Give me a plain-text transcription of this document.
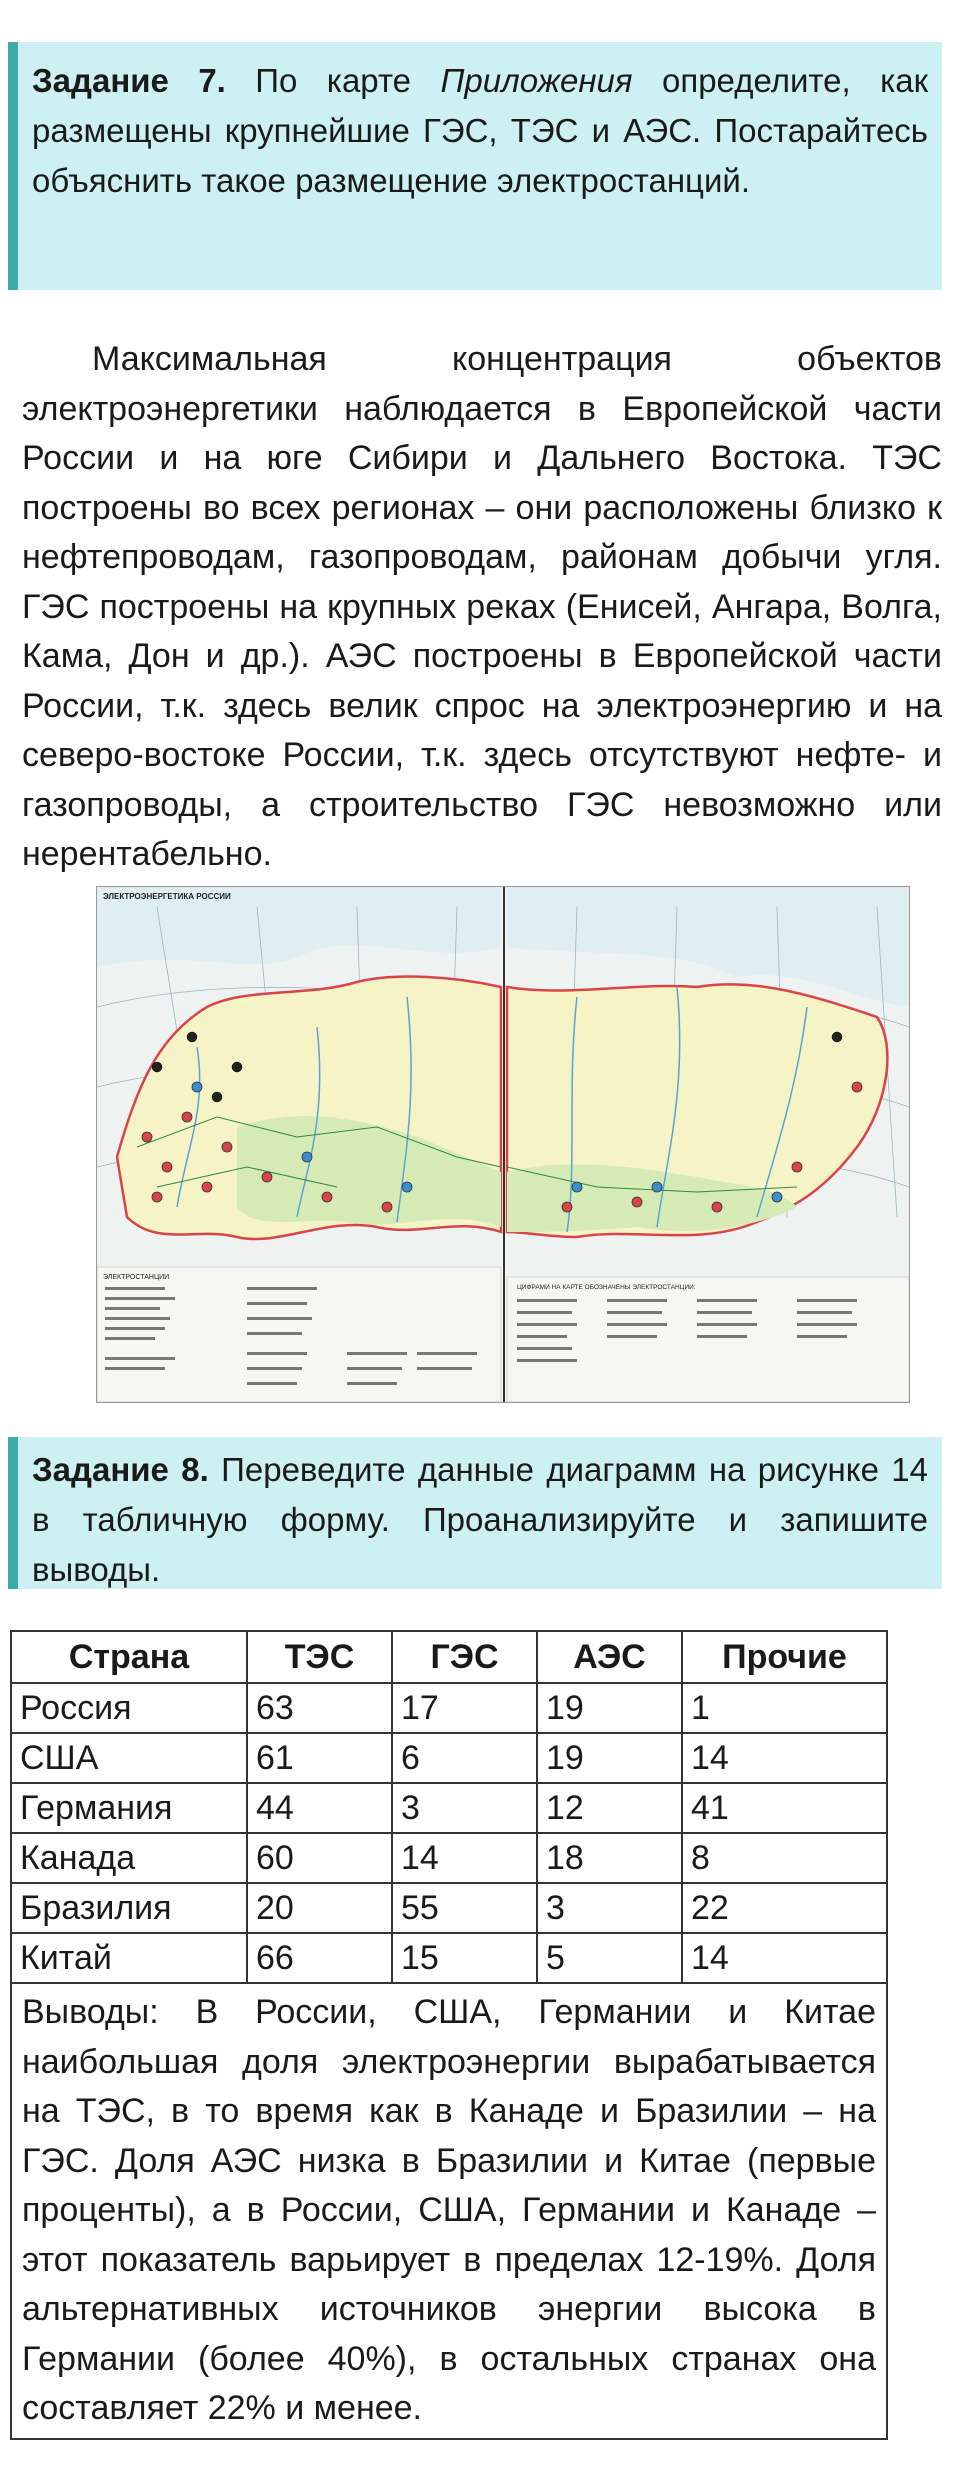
Задание 7. По карте Приложения определите, как размещены крупнейшие ГЭС, ТЭС и АЭС. Постарайтесь объяснить такое размещение электростанций.
Максимальная концентрация объектов электроэнергетики наблюдается в Европейской части России и на юге Сибири и Дальнего Востока. ТЭС построены во всех регионах – они расположены близко к нефтепроводам, газопроводам, районам добычи угля. ГЭС построены на крупных реках (Енисей, Ангара, Волга, Кама, Дон и др.). АЭС построены в Европейской части России, т.к. здесь велик спрос на электроэнергию и на северо-востоке России, т.к. здесь отсутствуют нефте- и газопроводы, а строительство ГЭС невозможно или нерентабельно.
ЭЛЕКТРОЭНЕРГЕТИКА РОССИИ
ЭЛЕКТРОСТАНЦИИ
ЦИФРАМИ НА КАРТЕ ОБОЗНАЧЕНЫ ЭЛЕКТРОСТАНЦИИ:
Задание 8. Переведите данные диаграмм на рисунке 14 в табличную форму. Проанализируйте и запишите выводы.
Страна	ТЭС	ГЭС	АЭС	Прочие
Россия	63	17	19	1
США	61	6	19	14
Германия	44	3	12	41
Канада	60	14	18	8
Бразилия	20	55	3	22
Китай	66	15	5	14
Выводы: В России, США, Германии и Китае наибольшая доля электроэнергии вырабатывается на ТЭС, в то время как в Канаде и Бразилии – на ГЭС. Доля АЭС низка в Бразилии и Китае (первые проценты), а в России, США, Германии и Канаде – этот показатель варьирует в пределах 12-19%. Доля альтернативных источников энергии высока в Германии (более 40%), в остальных странах она составляет 22% и менее.				
